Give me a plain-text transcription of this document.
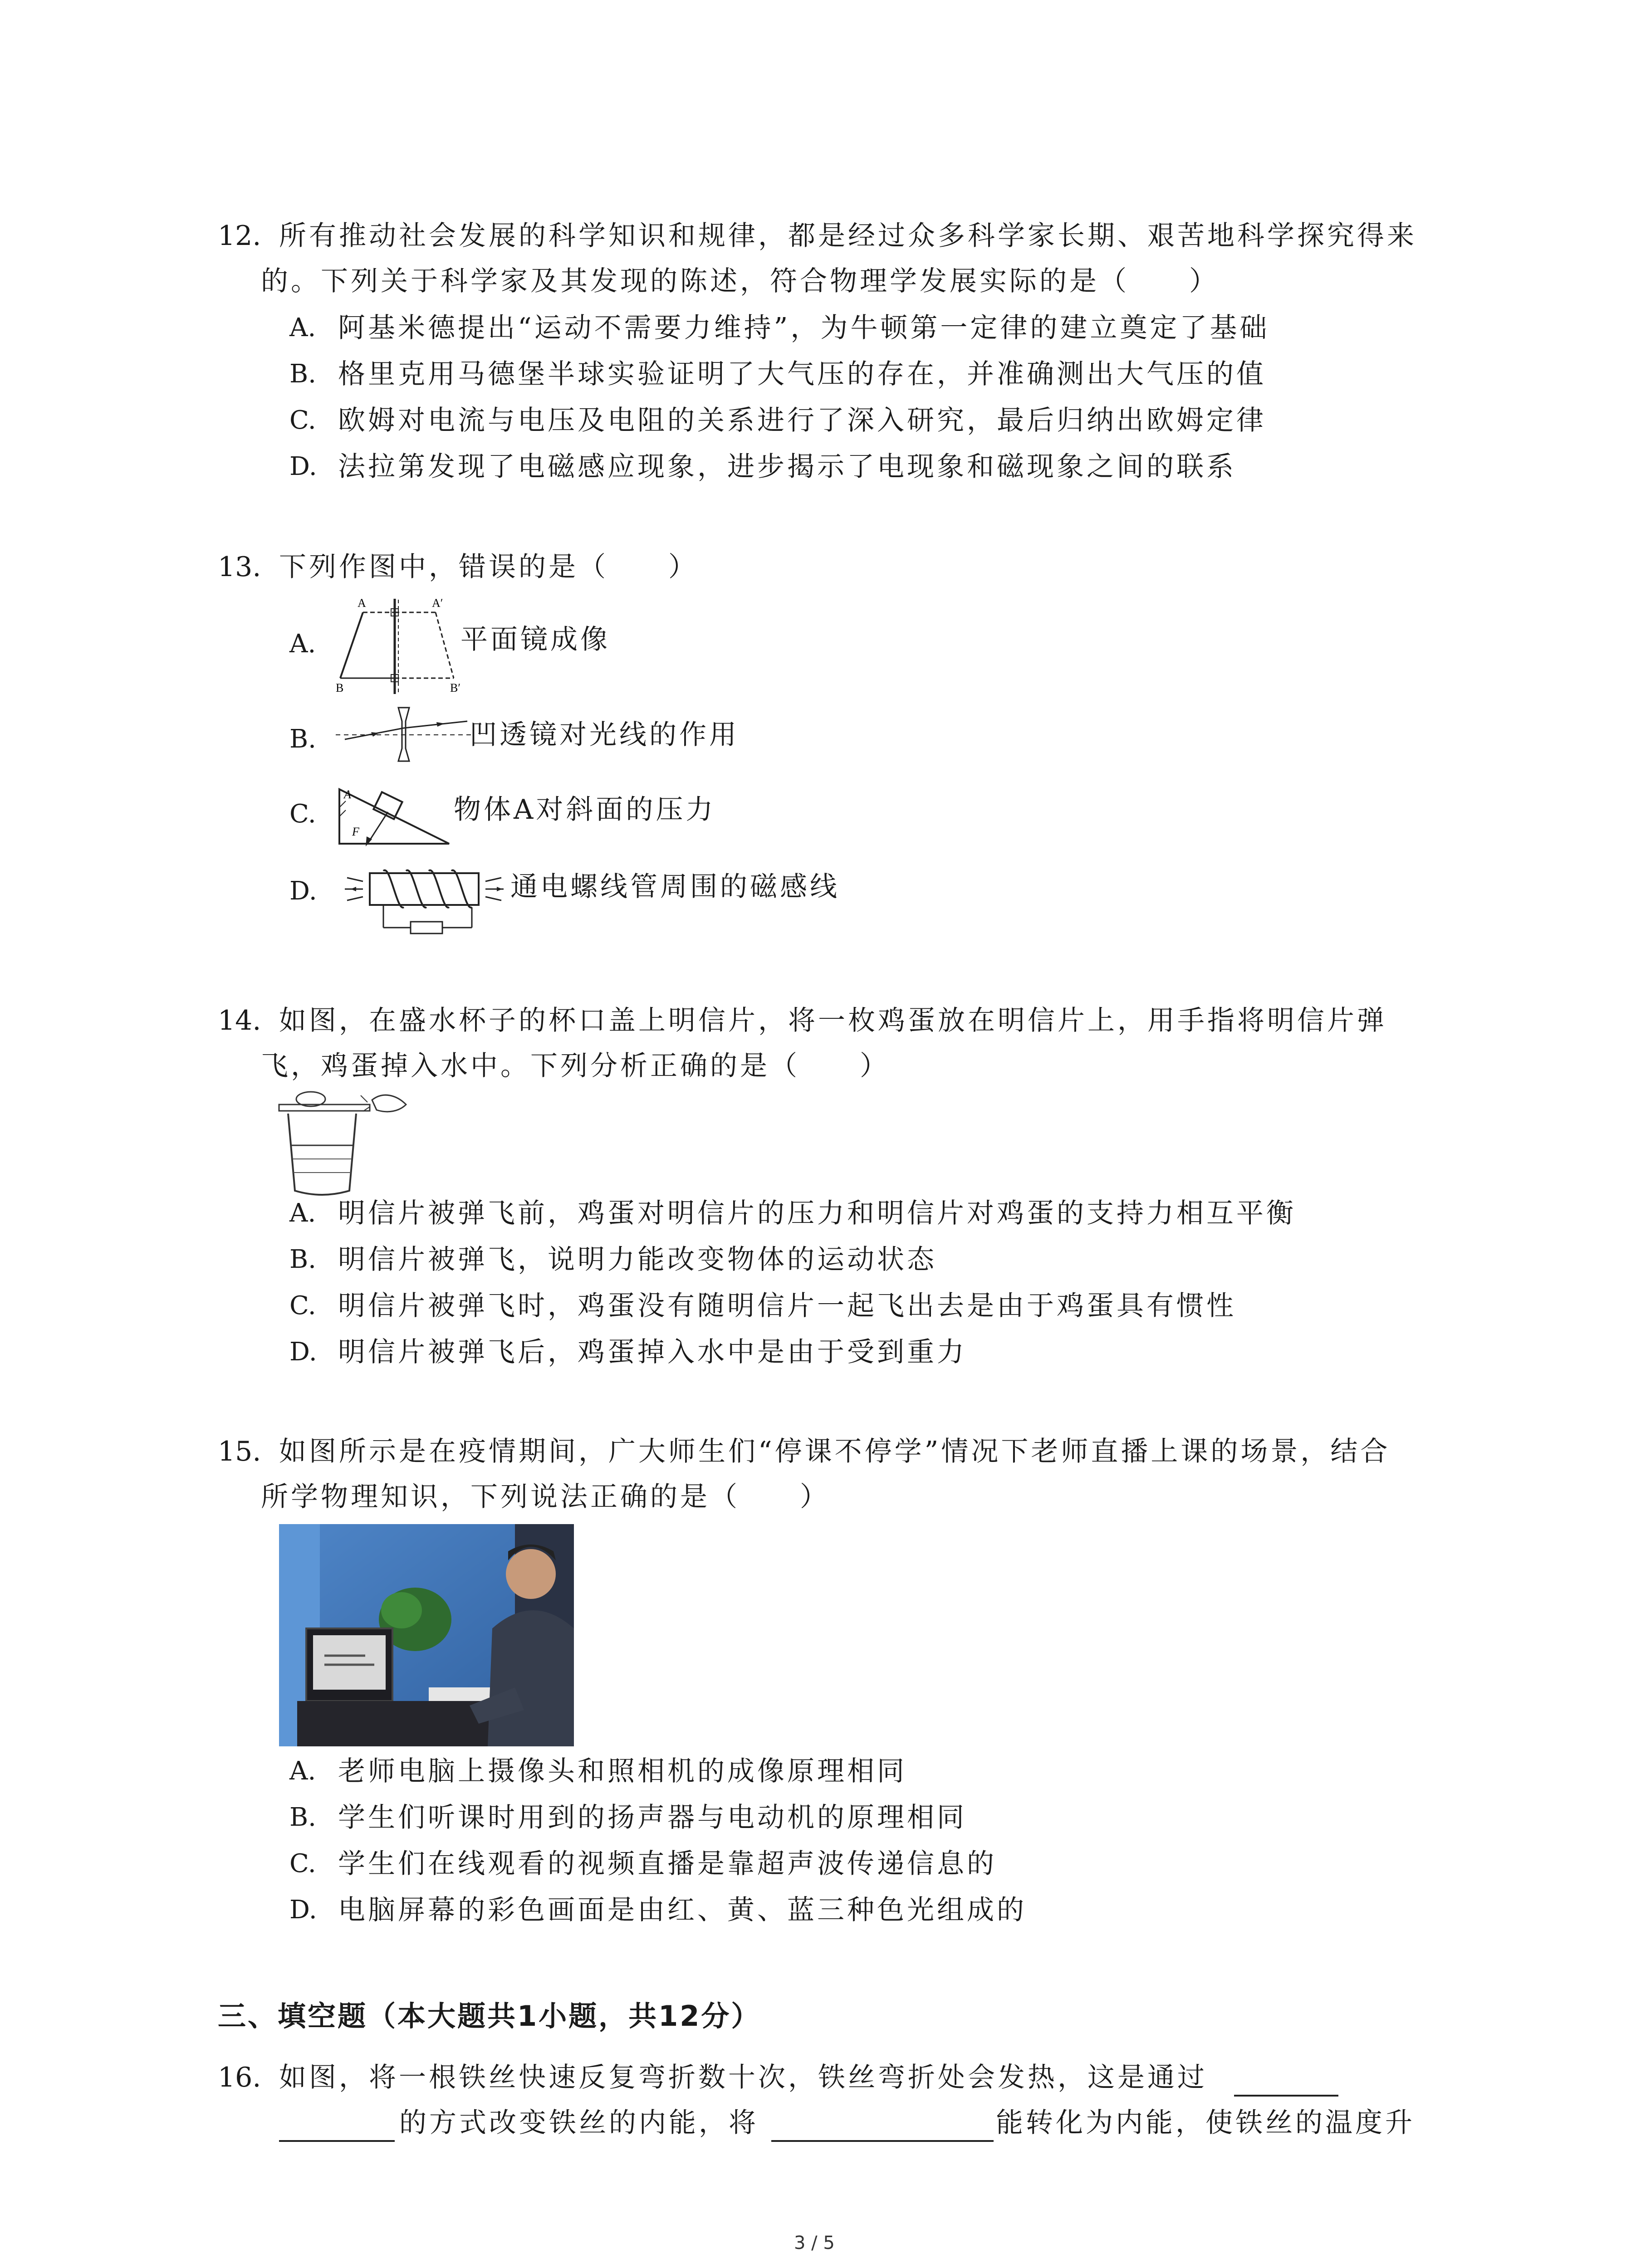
12. 所有推动社会发展的科学知识和规律，都是经过众多科学家长期、艰苦地科学探究得来
的。下列关于科学家及其发现的陈述，符合物理学发展实际的是（　　）
A. 阿基米德提出“运动不需要力维持”，为牛顿第一定律的建立奠定了基础
B. 格里克用马德堡半球实验证明了大气压的存在，并准确测出大气压的值
C. 欧姆对电流与电压及电阻的关系进行了深入研究，最后归纳出欧姆定律
D. 法拉第发现了电磁感应现象，进步揭示了电现象和磁现象之间的联系
13. 下列作图中，错误的是（　　）
A.
A	A′
B	B′
平面镜成像
B.	凹透镜对光线的作用
C.
A
F
物体A对斜面的压力
D.	通电螺线管周围的磁感线
14. 如图，在盛水杯子的杯口盖上明信片，将一枚鸡蛋放在明信片上，用手指将明信片弹
飞，鸡蛋掉入水中。下列分析正确的是（　　）
A. 明信片被弹飞前，鸡蛋对明信片的压力和明信片对鸡蛋的支持力相互平衡
B. 明信片被弹飞，说明力能改变物体的运动状态
C. 明信片被弹飞时，鸡蛋没有随明信片一起飞出去是由于鸡蛋具有惯性
D. 明信片被弹飞后，鸡蛋掉入水中是由于受到重力
15. 如图所示是在疫情期间，广大师生们“停课不停学”情况下老师直播上课的场景，结合
所学物理知识，下列说法正确的是（　　）
A. 老师电脑上摄像头和照相机的成像原理相同
B. 学生们听课时用到的扬声器与电动机的原理相同
C. 学生们在线观看的视频直播是靠超声波传递信息的
D. 电脑屏幕的彩色画面是由红、黄、蓝三种色光组成的
三、填空题（本大题共1小题，共12分）
16. 如图，将一根铁丝快速反复弯折数十次，铁丝弯折处会发热，这是通过
的方式改变铁丝的内能，将	能转化为内能，使铁丝的温度升
3 / 5
